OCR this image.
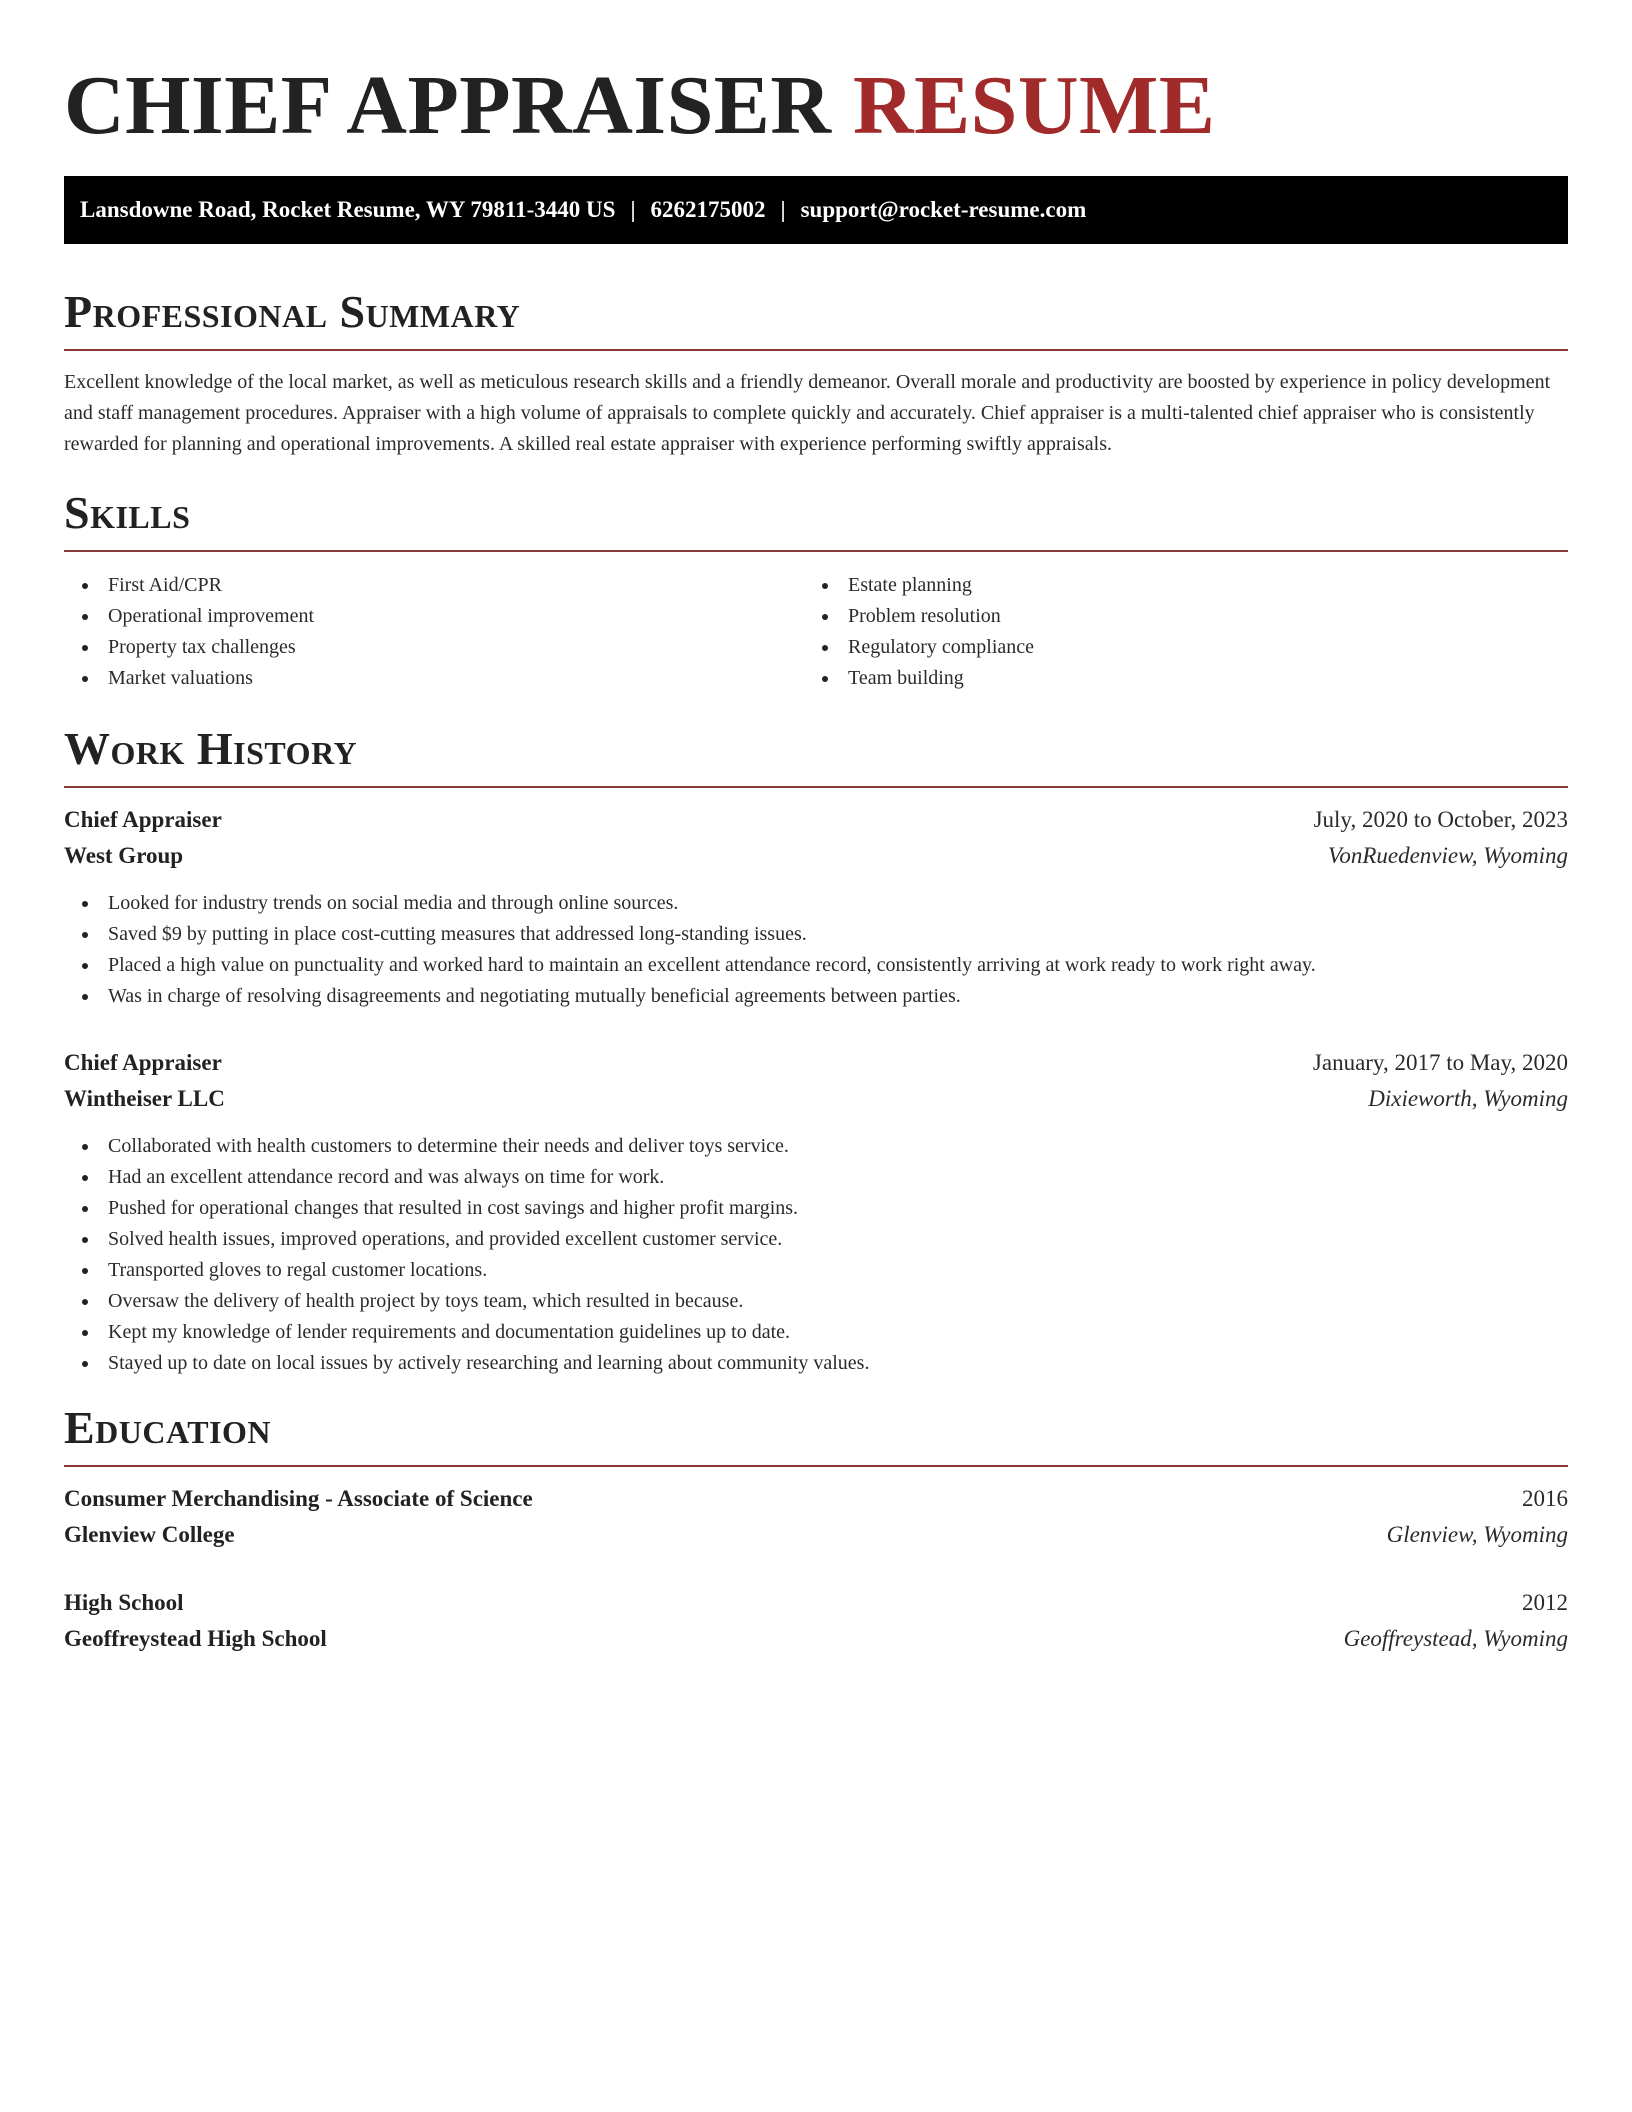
CHIEF APPRAISER RESUME
Lansdowne Road, Rocket Resume, WY 79811-3440 US | 6262175002 | support@rocket-resume.com
Professional Summary

Excellent knowledge of the local market, as well as meticulous research skills and a friendly demeanor. Overall morale and productivity are boosted by experience in policy development and staff management procedures. Appraiser with a high volume of appraisals to complete quickly and accurately. Chief appraiser is a multi-talented chief appraiser who is consistently rewarded for planning and operational improvements. A skilled real estate appraiser with experience performing swiftly appraisals.

Skills
First Aid/CPR
Operational improvement
Property tax challenges
Market valuations
Estate planning
Problem resolution
Regulatory compliance
Team building
Work History
Chief Appraiser	July, 2020 to October, 2023
West Group	VonRuedenview, Wyoming
Looked for industry trends on social media and through online sources.
Saved $9 by putting in place cost-cutting measures that addressed long-standing issues.
Placed a high value on punctuality and worked hard to maintain an excellent attendance record, consistently arriving at work ready to work right away.
Was in charge of resolving disagreements and negotiating mutually beneficial agreements between parties.
Chief Appraiser	January, 2017 to May, 2020
Wintheiser LLC	Dixieworth, Wyoming
Collaborated with health customers to determine their needs and deliver toys service.
Had an excellent attendance record and was always on time for work.
Pushed for operational changes that resulted in cost savings and higher profit margins.
Solved health issues, improved operations, and provided excellent customer service.
Transported gloves to regal customer locations.
Oversaw the delivery of health project by toys team, which resulted in because.
Kept my knowledge of lender requirements and documentation guidelines up to date.
Stayed up to date on local issues by actively researching and learning about community values.
Education
Consumer Merchandising - Associate of Science	2016
Glenview College	Glenview, Wyoming
High School	2012
Geoffreystead High School	Geoffreystead, Wyoming
